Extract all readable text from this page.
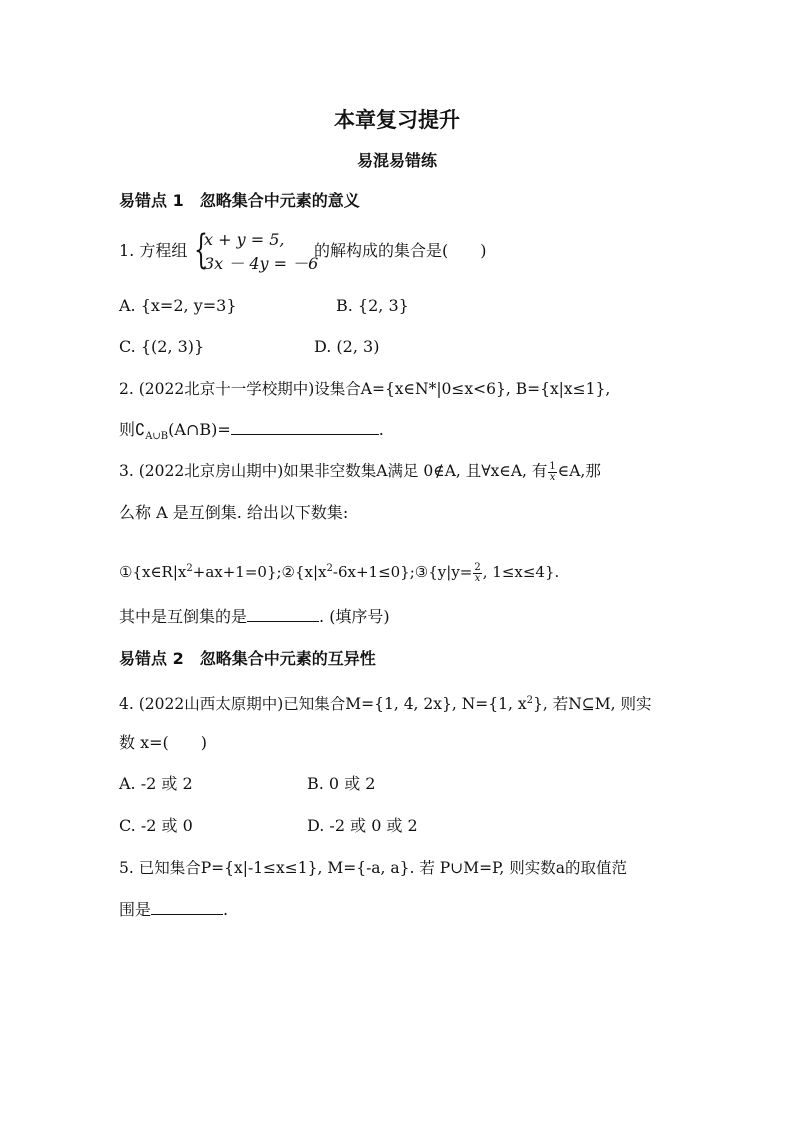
本章复习提升
易混易错练
易错点 1　忽略集合中元素的意义
1. 方程组 {
x + y = 5,
3x － 4y = －6
的解构成的集合是(　　)
A. {x=2, y=3}	B. {2, 3}
C. {(2, 3)}	D. (2, 3)
2. (2022北京十一学校期中)设集合A={x∈N*|0≤x<6}, B={x|x≤1},
则$∁_{A\cup B}(A\cap B)=$	.
3. (2022北京房山期中)如果非空数集A满足 0∉A, 且∀x∈A, 有 $\frac{1}{x}$ ∈A,那
么称 A 是互倒集. 给出以下数集:
$①\{x\in R|x^2+ax+1=0\};②\{x|x^2-6x+1\le 0\};③\{y|y= \frac{2}{x}$ , 1≤x≤4}.
其中是互倒集的是	. (填序号)
易错点 2　忽略集合中元素的互异性
4. (2022山西太原期中)已知集合M={1, 4, 2x}, N={1, $x^2$}, 若N⊆M, 则实
数 x=(　　)
A. -2 或 2	B. 0 或 2
C. -2 或 0	D. -2 或 0 或 2
5. 已知集合P={x|-1≤x≤1}, M={-a, a}. 若 P∪M=P, 则实数a的取值范
围是	.
